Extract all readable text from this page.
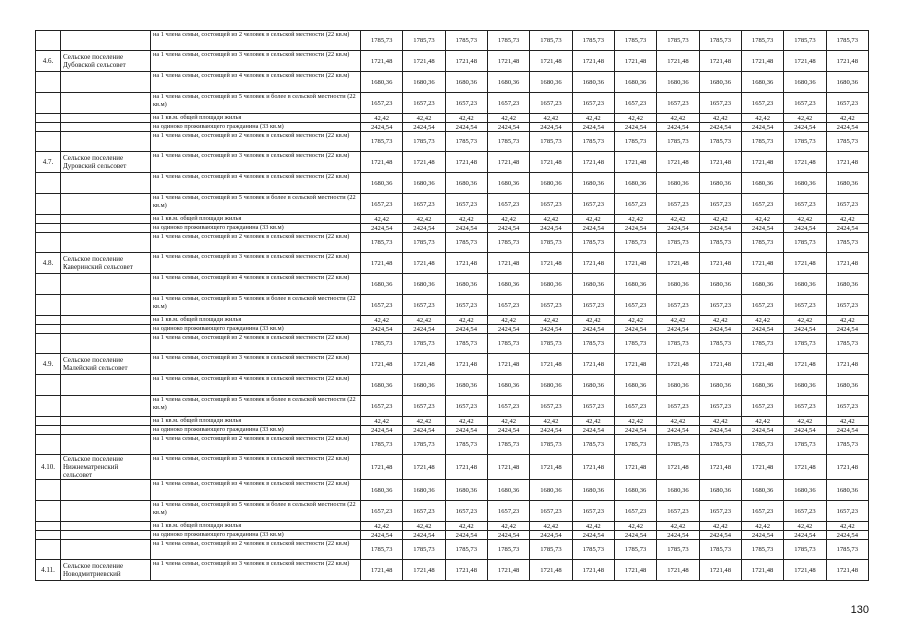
		на 1 члена семьи, состоящей из 2 человек в сельской местности (22 кв.м)	1785,73	1785,73	1785,73	1785,73	1785,73	1785,73	1785,73	1785,73	1785,73	1785,73	1785,73	1785,73
4.6.	Сельское поселение Дубовской сельсовет	на 1 члена семьи, состоящей из 3 человек в сельской местности (22 кв.м)	1721,48	1721,48	1721,48	1721,48	1721,48	1721,48	1721,48	1721,48	1721,48	1721,48	1721,48	1721,48
		на 1 члена семьи, состоящей из 4 человек в сельской местности (22 кв.м)	1680,36	1680,36	1680,36	1680,36	1680,36	1680,36	1680,36	1680,36	1680,36	1680,36	1680,36	1680,36
		на 1 члена семьи, состоящей из 5 человек и более в сельской местности (22 кв.м)	1657,23	1657,23	1657,23	1657,23	1657,23	1657,23	1657,23	1657,23	1657,23	1657,23	1657,23	1657,23
		на 1 кв.м. общей площади жилья	42,42	42,42	42,42	42,42	42,42	42,42	42,42	42,42	42,42	42,42	42,42	42,42
		на одиноко проживающего гражданина (33 кв.м)	2424,54	2424,54	2424,54	2424,54	2424,54	2424,54	2424,54	2424,54	2424,54	2424,54	2424,54	2424,54
		на 1 члена семьи, состоящей из 2 человек в сельской местности (22 кв.м)	1785,73	1785,73	1785,73	1785,73	1785,73	1785,73	1785,73	1785,73	1785,73	1785,73	1785,73	1785,73
4.7.	Сельское поселение Дуровский сельсовет	на 1 члена семьи, состоящей из 3 человек в сельской местности (22 кв.м)	1721,48	1721,48	1721,48	1721,48	1721,48	1721,48	1721,48	1721,48	1721,48	1721,48	1721,48	1721,48
		на 1 члена семьи, состоящей из 4 человек в сельской местности (22 кв.м)	1680,36	1680,36	1680,36	1680,36	1680,36	1680,36	1680,36	1680,36	1680,36	1680,36	1680,36	1680,36
		на 1 члена семьи, состоящей из 5 человек и более в сельской местности (22 кв.м)	1657,23	1657,23	1657,23	1657,23	1657,23	1657,23	1657,23	1657,23	1657,23	1657,23	1657,23	1657,23
		на 1 кв.м. общей площади жилья	42,42	42,42	42,42	42,42	42,42	42,42	42,42	42,42	42,42	42,42	42,42	42,42
		на одиноко проживающего гражданина (33 кв.м)	2424,54	2424,54	2424,54	2424,54	2424,54	2424,54	2424,54	2424,54	2424,54	2424,54	2424,54	2424,54
		на 1 члена семьи, состоящей из 2 человек в сельской местности (22 кв.м)	1785,73	1785,73	1785,73	1785,73	1785,73	1785,73	1785,73	1785,73	1785,73	1785,73	1785,73	1785,73
4.8.	Сельское поселение Каверинский сельсовет	на 1 члена семьи, состоящей из 3 человек в сельской местности (22 кв.м)	1721,48	1721,48	1721,48	1721,48	1721,48	1721,48	1721,48	1721,48	1721,48	1721,48	1721,48	1721,48
		на 1 члена семьи, состоящей из 4 человек в сельской местности (22 кв.м)	1680,36	1680,36	1680,36	1680,36	1680,36	1680,36	1680,36	1680,36	1680,36	1680,36	1680,36	1680,36
		на 1 члена семьи, состоящей из 5 человек и более в сельской местности (22 кв.м)	1657,23	1657,23	1657,23	1657,23	1657,23	1657,23	1657,23	1657,23	1657,23	1657,23	1657,23	1657,23
		на 1 кв.м. общей площади жилья	42,42	42,42	42,42	42,42	42,42	42,42	42,42	42,42	42,42	42,42	42,42	42,42
		на одиноко проживающего гражданина (33 кв.м)	2424,54	2424,54	2424,54	2424,54	2424,54	2424,54	2424,54	2424,54	2424,54	2424,54	2424,54	2424,54
		на 1 члена семьи, состоящей из 2 человек в сельской местности (22 кв.м)	1785,73	1785,73	1785,73	1785,73	1785,73	1785,73	1785,73	1785,73	1785,73	1785,73	1785,73	1785,73
4.9.	Сельское поселение Малейский сельсовет	на 1 члена семьи, состоящей из 3 человек в сельской местности (22 кв.м)	1721,48	1721,48	1721,48	1721,48	1721,48	1721,48	1721,48	1721,48	1721,48	1721,48	1721,48	1721,48
		на 1 члена семьи, состоящей из 4 человек в сельской местности (22 кв.м)	1680,36	1680,36	1680,36	1680,36	1680,36	1680,36	1680,36	1680,36	1680,36	1680,36	1680,36	1680,36
		на 1 члена семьи, состоящей из 5 человек и более в сельской местности (22 кв.м)	1657,23	1657,23	1657,23	1657,23	1657,23	1657,23	1657,23	1657,23	1657,23	1657,23	1657,23	1657,23
		на 1 кв.м. общей площади жилья	42,42	42,42	42,42	42,42	42,42	42,42	42,42	42,42	42,42	42,42	42,42	42,42
		на одиноко проживающего гражданина (33 кв.м)	2424,54	2424,54	2424,54	2424,54	2424,54	2424,54	2424,54	2424,54	2424,54	2424,54	2424,54	2424,54
		на 1 члена семьи, состоящей из 2 человек в сельской местности (22 кв.м)	1785,73	1785,73	1785,73	1785,73	1785,73	1785,73	1785,73	1785,73	1785,73	1785,73	1785,73	1785,73
4.10.	Сельское поселение Нижнематренский сельсовет	на 1 члена семьи, состоящей из 3 человек в сельской местности (22 кв.м)	1721,48	1721,48	1721,48	1721,48	1721,48	1721,48	1721,48	1721,48	1721,48	1721,48	1721,48	1721,48
		на 1 члена семьи, состоящей из 4 человек в сельской местности (22 кв.м)	1680,36	1680,36	1680,36	1680,36	1680,36	1680,36	1680,36	1680,36	1680,36	1680,36	1680,36	1680,36
		на 1 члена семьи, состоящей из 5 человек и более в сельской местности (22 кв.м)	1657,23	1657,23	1657,23	1657,23	1657,23	1657,23	1657,23	1657,23	1657,23	1657,23	1657,23	1657,23
		на 1 кв.м. общей площади жилья	42,42	42,42	42,42	42,42	42,42	42,42	42,42	42,42	42,42	42,42	42,42	42,42
		на одиноко проживающего гражданина (33 кв.м)	2424,54	2424,54	2424,54	2424,54	2424,54	2424,54	2424,54	2424,54	2424,54	2424,54	2424,54	2424,54
		на 1 члена семьи, состоящей из 2 человек в сельской местности (22 кв.м)	1785,73	1785,73	1785,73	1785,73	1785,73	1785,73	1785,73	1785,73	1785,73	1785,73	1785,73	1785,73
4.11.	Сельское поселение Новодмитриевский	на 1 члена семьи, состоящей из 3 человек в сельской местности (22 кв.м)	1721,48	1721,48	1721,48	1721,48	1721,48	1721,48	1721,48	1721,48	1721,48	1721,48	1721,48	1721,48
130
